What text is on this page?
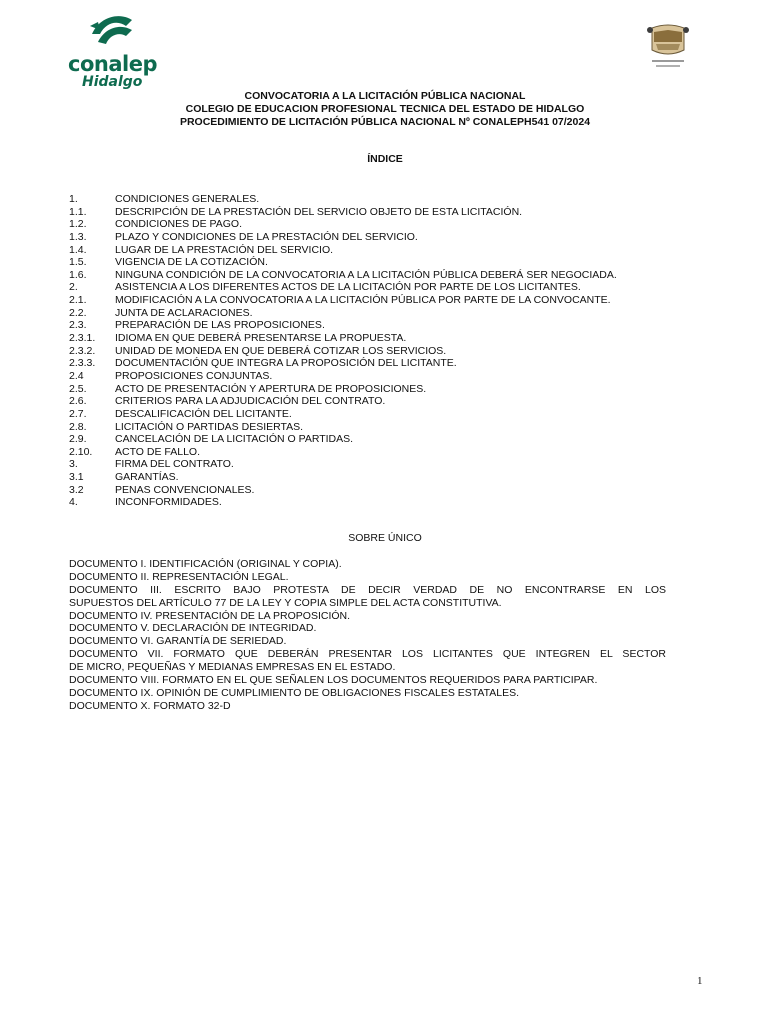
conalep
Hidalgo
CONVOCATORIA A LA LICITACIÓN PÚBLICA NACIONAL
COLEGIO DE EDUCACION PROFESIONAL TECNICA DEL ESTADO DE HIDALGO
PROCEDIMIENTO DE LICITACIÓN PÚBLICA NACIONAL Nº CONALEPH541 07/2024
ÍNDICE
1.	CONDICIONES GENERALES.
1.1.	DESCRIPCIÓN DE LA PRESTACIÓN DEL SERVICIO OBJETO DE ESTA LICITACIÓN.
1.2.	CONDICIONES DE PAGO.
1.3.	PLAZO Y CONDICIONES DE LA PRESTACIÓN DEL SERVICIO.
1.4.	LUGAR DE LA PRESTACIÓN DEL SERVICIO.
1.5.	VIGENCIA DE LA COTIZACIÓN.
1.6.	NINGUNA CONDICIÓN DE LA CONVOCATORIA A LA LICITACIÓN PÚBLICA DEBERÁ SER NEGOCIADA.
2.	ASISTENCIA A LOS DIFERENTES ACTOS DE LA LICITACIÓN POR PARTE DE LOS LICITANTES.
2.1.	MODIFICACIÓN A LA CONVOCATORIA A LA LICITACIÓN PÚBLICA POR PARTE DE LA CONVOCANTE.
2.2.	JUNTA DE ACLARACIONES.
2.3.	PREPARACIÓN DE LAS PROPOSICIONES.
2.3.1. IDIOMA EN QUE DEBERÁ PRESENTARSE LA PROPUESTA.
2.3.2. UNIDAD DE MONEDA EN QUE DEBERÁ COTIZAR LOS SERVICIOS.
2.3.3. DOCUMENTACIÓN QUE INTEGRA LA PROPOSICIÓN DEL LICITANTE.
2.4	PROPOSICIONES CONJUNTAS.
2.5.	ACTO DE PRESENTACIÓN Y APERTURA DE PROPOSICIONES.
2.6.	CRITERIOS PARA LA ADJUDICACIÓN DEL CONTRATO.
2.7.	DESCALIFICACIÓN DEL LICITANTE.
2.8.	LICITACIÓN O PARTIDAS DESIERTAS.
2.9.	CANCELACIÓN DE LA LICITACIÓN O PARTIDAS.
2.10. ACTO DE FALLO.
3.	FIRMA DEL CONTRATO.
3.1	GARANTÍAS.
3.2	PENAS CONVENCIONALES.
4.	INCONFORMIDADES.
SOBRE ÚNICO
DOCUMENTO I. IDENTIFICACIÓN (ORIGINAL Y COPIA).
DOCUMENTO II. REPRESENTACIÓN LEGAL.
DOCUMENTO III. ESCRITO BAJO PROTESTA DE DECIR VERDAD DE NO ENCONTRARSE EN LOS
SUPUESTOS DEL ARTÍCULO 77 DE LA LEY Y COPIA SIMPLE DEL ACTA CONSTITUTIVA.
DOCUMENTO IV. PRESENTACIÓN DE LA PROPOSICIÓN.
DOCUMENTO V. DECLARACIÓN DE INTEGRIDAD.
DOCUMENTO VI. GARANTÍA DE SERIEDAD.
DOCUMENTO VII. FORMATO QUE DEBERÁN PRESENTAR LOS LICITANTES QUE INTEGREN EL SECTOR
DE MICRO, PEQUEÑAS Y MEDIANAS EMPRESAS EN EL ESTADO.
DOCUMENTO VIII. FORMATO EN EL QUE SEÑALEN LOS DOCUMENTOS REQUERIDOS PARA PARTICIPAR.
DOCUMENTO IX. OPINIÓN DE CUMPLIMIENTO DE OBLIGACIONES FISCALES ESTATALES.
DOCUMENTO X. FORMATO 32-D
1
